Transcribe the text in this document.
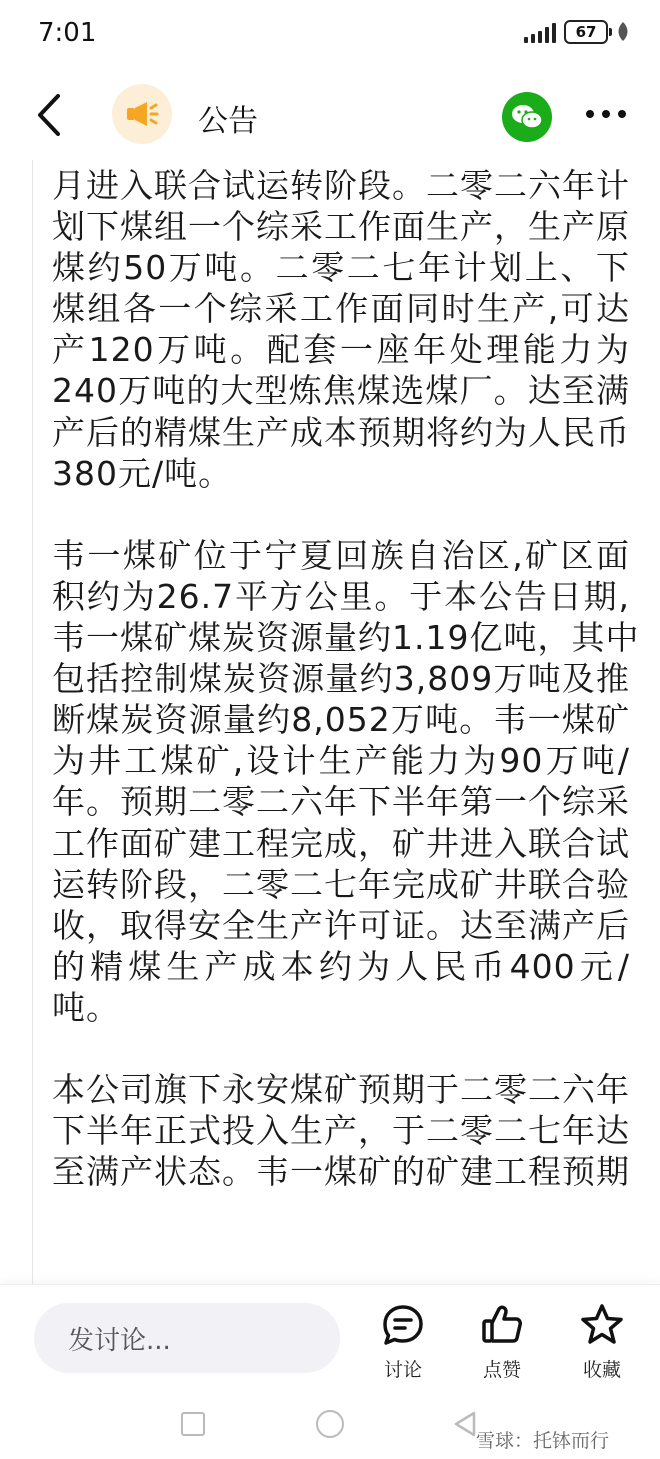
7:01	67
公告
月进入联合试运转阶段。二零二六年计
划下煤组一个综采工作面生产，生产原
煤约50万吨。二零二七年计划上、下
煤组各一个综采工作面同时生产,可达
产120万吨。配套一座年处理能力为
240万吨的大型炼焦煤选煤厂。达至满
产后的精煤生产成本预期将约为人民币
380元/吨。
韦一煤矿位于宁夏回族自治区,矿区面
积约为26.7平方公里。于本公告日期,
韦一煤矿煤炭资源量约1.19亿吨，其中
包括控制煤炭资源量约3,809万吨及推
断煤炭资源量约8,052万吨。韦一煤矿
为井工煤矿,设计生产能力为90万吨/
年。预期二零二六年下半年第一个综采
工作面矿建工程完成，矿井进入联合试
运转阶段，二零二七年完成矿井联合验
收，取得安全生产许可证。达至满产后
的精煤生产成本约为人民币400元/
吨。
本公司旗下永安煤矿预期于二零二六年
下半年正式投入生产，于二零二七年达
至满产状态。韦一煤矿的矿建工程预期
发讨论...
讨论	点赞	收藏
雪球：托钵而行
